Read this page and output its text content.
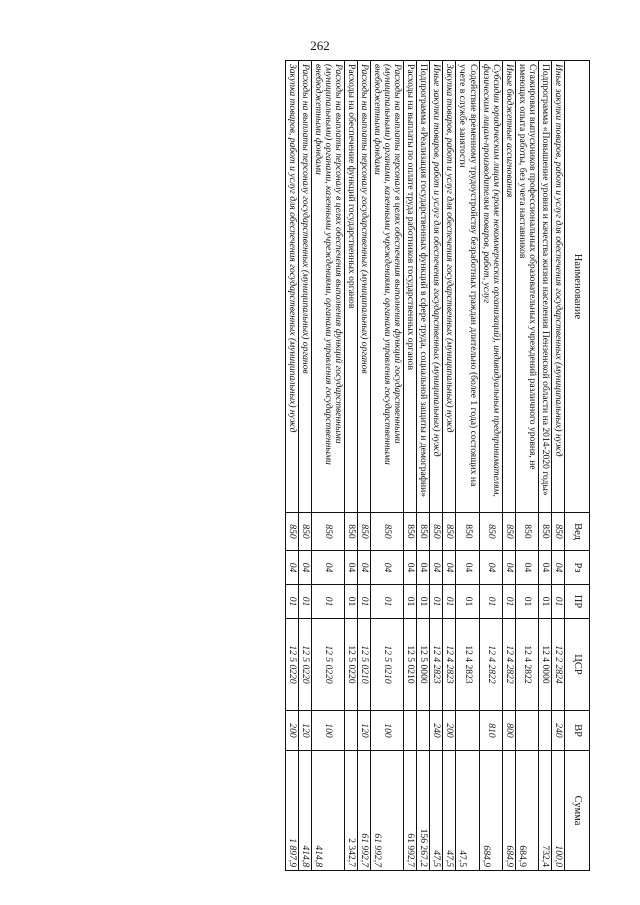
262
Наименование	Вед	Рз	ПР	ЦСР	ВР	Сумма
Иные закупки товаров, работ и услуг для обеспечения государственных (муниципальных) нужд	850	04	01	12 2 2824	240	100,0
Подпрограмма «Повышение уровня и качества жизни населения Пензенской области на 2014-2020 годы»	850	04	01	12 4 0000		732,4
Стажировки выпускников профессиональных образовательных учреждений различного уровня, не имеющих опыта работы, без учета наставников	850	04	01	12 4 2822		684,9
Иные бюджетные ассигнования	850	04	01	12 4 2822	800	684,9
Субсидии юридическим лицам (кроме некоммерческих организаций), индивидуальным предпринимателям, физическим лицам-производителям товаров, работ, услуг	850	04	01	12 4 2822	810	684,9
Содействие временному трудоустройству безработных граждан длительно (более 1 года) состоящих на учете в службе занятости	850	04	01	12 4 2823		47,5
Закупка товаров, работ и услуг для обеспечения государственных (муниципальных) нужд	850	04	01	12 4 2823	200	47,5
Иные закупки товаров, работ и услуг для обеспечения государственных (муниципальных) нужд	850	04	01	12 4 2823	240	47,5
Подпрограмма «Реализация государственных функций в сфере труда, социальной защиты и демографии»	850	04	01	12 5 0000		156 267,2
Расходы на выплаты по оплате труда работников государственных органов	850	04	01	12 5 0210		61 992,7
Расходы на выплаты персоналу в целях обеспечения выполнения функций государственными (муниципальными) органами, казенными учреждениями, органами управления государственными внебюджетными фондами	850	04	01	12 5 0210	100	61 992,7
Расходы на выплаты персоналу государственных (муниципальных) органов	850	04	01	12 5 0210	120	61 992,7
Расходы на обеспечение функций государственных органов	850	04	01	12 5 0220		2 342,7
Расходы на выплаты персоналу в целях обеспечения выполнения функций государственными (муниципальными) органами, казенными учреждениями, органами управления государственными внебюджетными фондами	850	04	01	12 5 0220	100	414,8
Расходы на выплаты персоналу государственных (муниципальных) органов	850	04	01	12 5 0220	120	414,8
Закупка товаров, работ и услуг для обеспечения государственных (муниципальных) нужд	850	04	01	12 5 0220	200	1 897,9
